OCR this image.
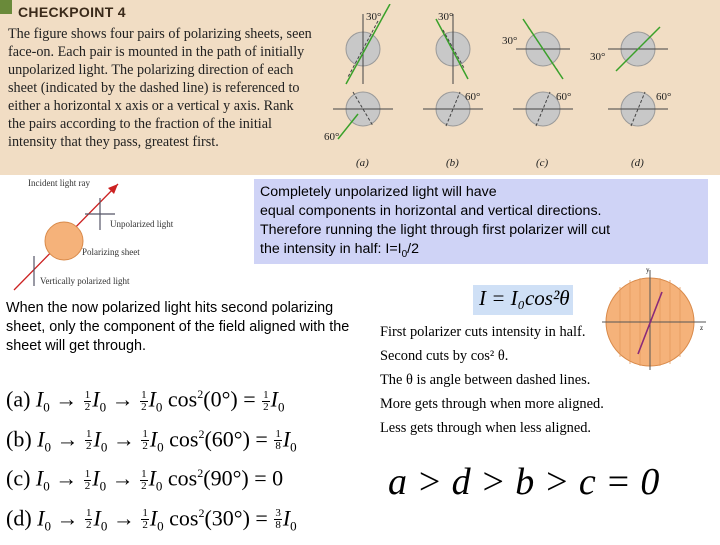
CHECKPOINT 4
The figure shows four pairs of polarizing sheets, seen face-on. Each pair is mounted in the path of initially unpolarized light. The polarizing direction of each sheet (indicated by the dashed line) is referenced to either a horizontal x axis or a vertical y axis. Rank the pairs according to the fraction of the initial intensity that they pass, greatest first.
30°	30°
30°
30°
60°
60°	60°	60°
(a)	(b)	(c)	(d)
Incident light ray
Unpolarized light
Polarizing sheet
Vertically polarized light
Completely unpolarized light will have
equal components in horizontal and vertical directions.
Therefore running the light through first polarizer will cut
the intensity in half: $I=I_0/2$
When the now polarized light hits second polarizing sheet, only the component of the field aligned with the sheet will get through.
(a) $I_0 \to \frac{1}{2} I_0 \to \frac{1}{2} I_0$ $\cos^2(0^\circ) = \frac{1}{2} I_0$
(b) $I_0 \to \frac{1}{2} I_0 \to \frac{1}{2} I_0$ $\cos^2(60^\circ) = \frac{1}{8} I_0$
(c) $I_0 \to \frac{1}{2} I_0 \to \frac{1}{2} I_0$ $\cos^2(90^\circ) = 0$
(d) $I_0 \to \frac{1}{2} I_0 \to \frac{1}{2} I_0$ $\cos^2(30^\circ) = \frac{3}{8} I_0$
I = I₀cos²θ
First polarizer cuts intensity in half.
Second cuts by cos² θ.
The θ is angle between dashed lines.
More gets through when more aligned.
Less gets through when less aligned.
y
z
a > d > b > c = 0
